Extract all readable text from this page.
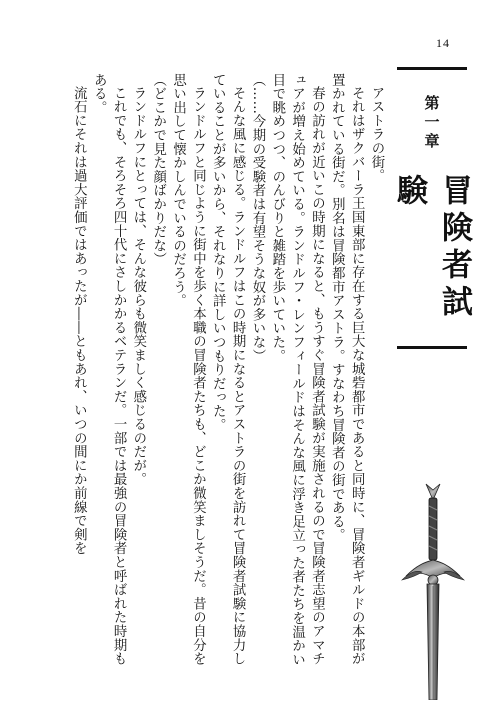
14

アストラの街。

それはザクバーラ王国東部に存在する巨大な城砦都市であると同時に、冒険者ギルドの本部が置かれている街だ。別名は冒険都市アストラ。すなわち冒険者の街である。

春の訪れが近いこの時期になると、もうすぐ冒険者試験が実施されるので冒険者志望のアマチュアが増え始めている。ランドルフ・レンフィールドはそんな風に浮き足立った者たちを温かい目で眺めつつ、のんびりと雑踏を歩いていた。

（……今期の受験者は有望そうな奴が多いな）

そんな風に感じる。ランドルフはこの時期になるとアストラの街を訪れて冒険者試験に協力していることが多いから、それなりに詳しいつもりだった。

ランドルフと同じように街中を歩く本職の冒険者たちも、どこか微笑ましそうだ。昔の自分を思い出して懐かしんでいるのだろう。

（どこかで見た顔ばかりだな）

ランドルフにとっては、そんな彼らも微笑ましく感じるのだが。

これでも、そろそろ四十代にさしかかるベテランだ。一部では最強の冒険者と呼ばれた時期もある。

流石にそれは過大評価ではあったが――ともあれ、いつの間にか前線で剣を	第一章
冒険者試験
